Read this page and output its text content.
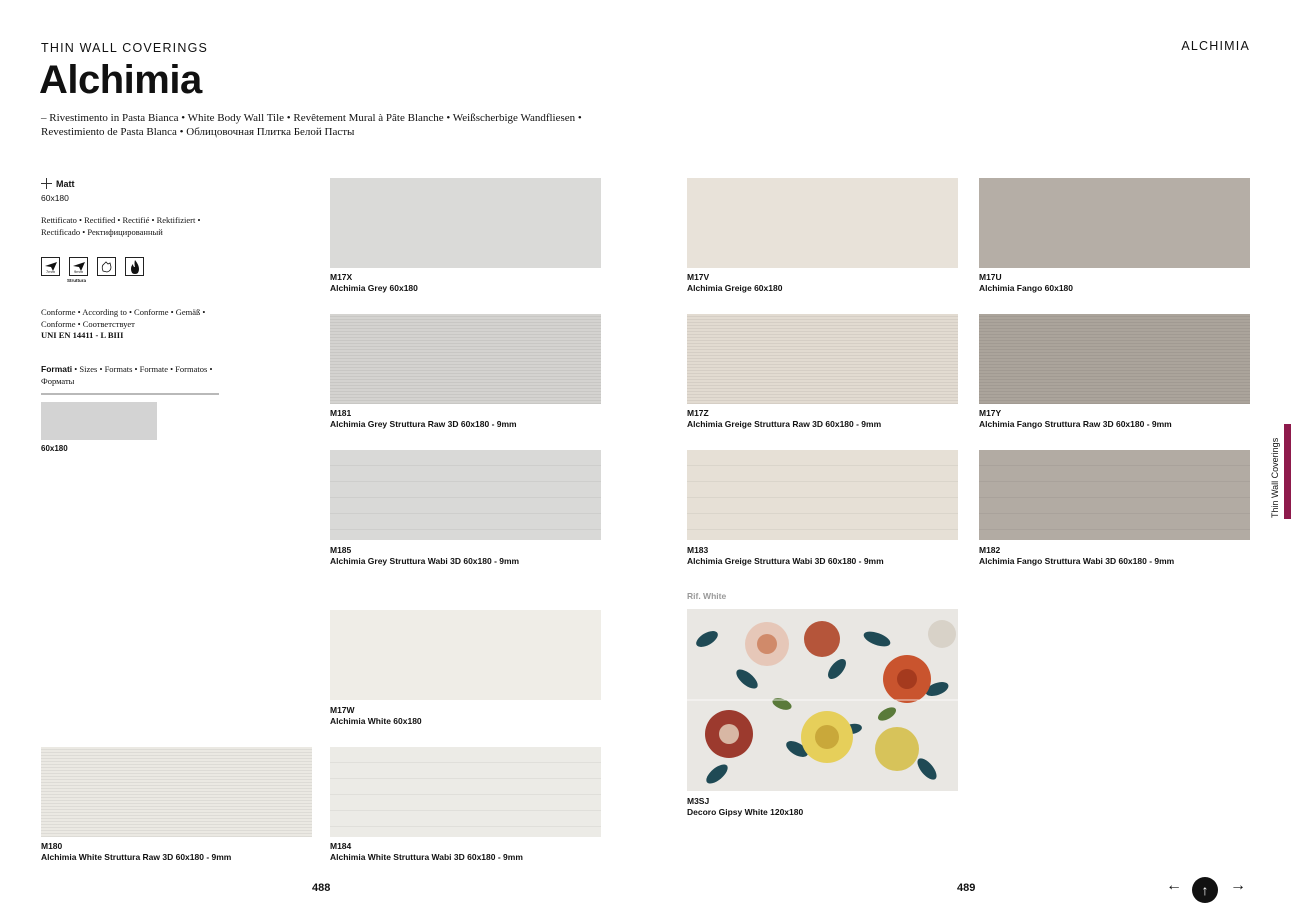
THIN WALL COVERINGS	ALCHIMIA
Alchimia
– Rivestimento in Pasta Bianca • White Body Wall Tile • Revêtement Mural à Pâte Blanche • Weißscherbige Wandfliesen • Revestimiento de Pasta Blanca • Облицовочная Плитка Белой Пасты
Matt
60x180
Rettificato • Rectified • Rectifié • Rektifiziert • Rectificado • Ректифицированный
7mm	9mm
Struttura
Conforme • According to • Conforme • Gemäß • Conforme • Соответствует
UNI EN 14411 - L BIII
Formati • Sizes • Formats • Formate • Formatos • Форматы
60x180
M17X
Alchimia Grey 60x180
M181
Alchimia Grey Struttura Raw 3D 60x180 - 9mm
M185
Alchimia Grey Struttura Wabi 3D 60x180 - 9mm
M17W
Alchimia White 60x180
M184
Alchimia White Struttura Wabi 3D 60x180 - 9mm
M180
Alchimia White Struttura Raw 3D 60x180 - 9mm
M17V
Alchimia Greige 60x180
M17Z
Alchimia Greige Struttura Raw 3D 60x180 - 9mm
M183
Alchimia Greige Struttura Wabi 3D 60x180 - 9mm
M17U
Alchimia Fango 60x180
M17Y
Alchimia Fango Struttura Raw 3D 60x180 - 9mm
M182
Alchimia Fango Struttura Wabi 3D 60x180 - 9mm
Rif. White
M3SJ
Decoro Gipsy White 120x180
488	489
Thin Wall Coverings
←	↑	→
